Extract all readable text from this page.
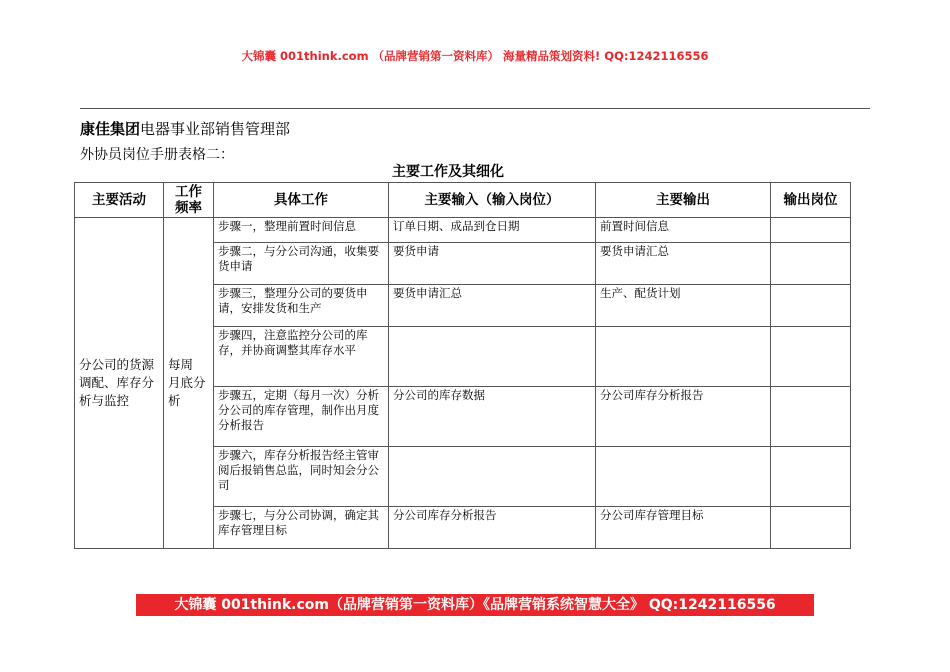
大锦囊 001think.com （品牌营销第一资料库） 海量精品策划资料! QQ:1242116556
康佳集团电器事业部销售管理部
外协员岗位手册表格二：
主要工作及其细化
主要活动	工作频率	具体工作	主要输入（输入岗位）	主要输出	输出岗位
分公司的货源调配、库存分析与监控	每周 月底分析	步骤一，整理前置时间信息	订单日期、成品到仓日期	前置时间信息	
		步骤二，与分公司沟通，收集要货申请	要货申请	要货申请汇总	
		步骤三，整理分公司的要货申请，安排发货和生产	要货申请汇总	生产、配货计划	
		步骤四，注意监控分公司的库存，并协商调整其库存水平			
		步骤五，定期（每月一次）分析分公司的库存管理，制作出月度分析报告	分公司的库存数据	分公司库存分析报告	
		步骤六，库存分析报告经主管审阅后报销售总监，同时知会分公司			
		步骤七，与分公司协调，确定其库存管理目标	分公司库存分析报告	分公司库存管理目标	
大锦囊 001think.com（品牌营销第一资料库）《品牌营销系统智慧大全》 QQ:1242116556
